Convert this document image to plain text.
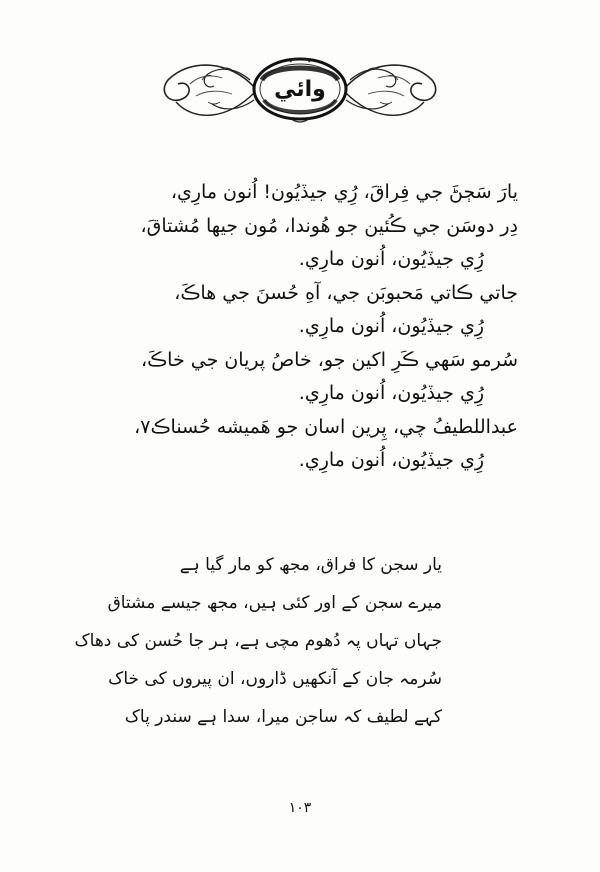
وائي
يارَ سَڄڻَ جي فِراقَ، رُِي جيڏيُون! اُنون مارِي،
دِر دوسَن جي ڪُئين جو هُوندا، مُون جيها مُشتاقَ،
رُِي جيڏيُون، اُنون مارِي.
جاتي ڪاتي مَحبوبَن جي، آهِ حُسنَ جي هاڪَ،
رُِي جيڏيُون، اُنون مارِي.
سُرمو سَهي ڪَرِ اکين جو، خاصُ پريان جي خاڪَ،
رُِي جيڏيُون، اُنون مارِي.
عبداللطيفُ چي، پِرين اسان جو هَميشه حُسناڪ٧،
رُِي جيڏيُون، اُنون مارِي.
یار سجن کا فراق، مجھ کو مار گیا ہے
میرے سجن کے اور کئی ہیں، مجھ جیسے مشتاق
جہاں تہاں پہ دُھوم مچی ہے، ہر جا حُسن کی دھاک
سُرمہ جان کے آنکھیں ڈاروں، ان پیروں کی خاک
کہے لطیف کہ ساجن میرا، سدا ہے سندر پاک
١٠٣
